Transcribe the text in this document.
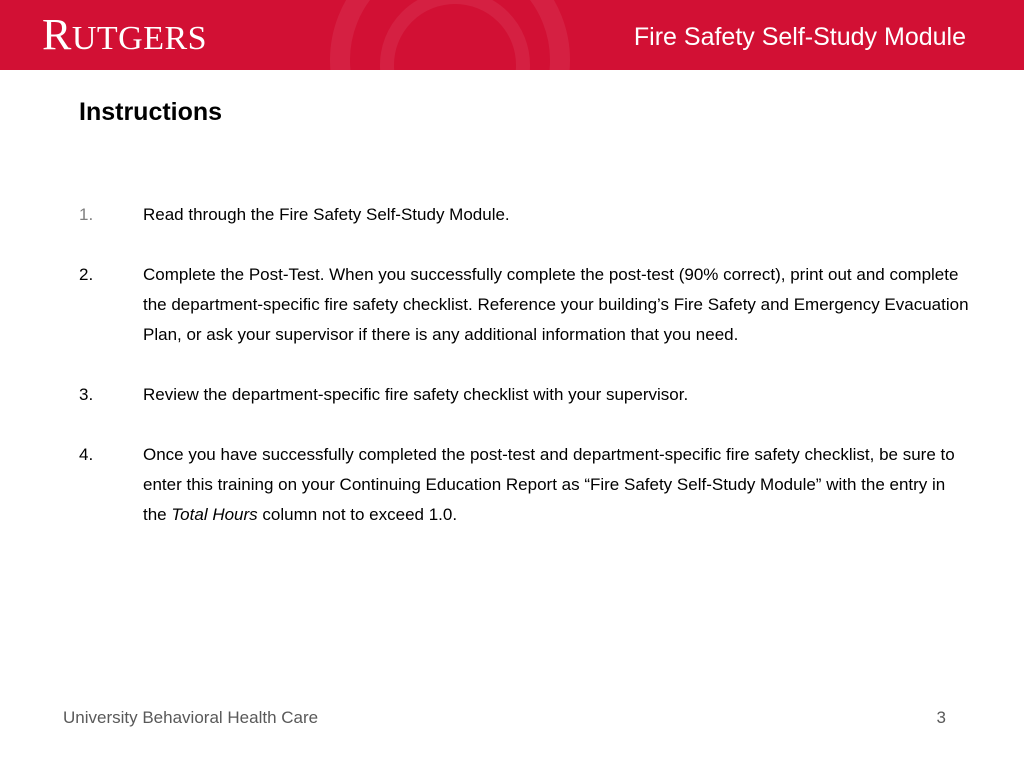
RUTGERS	Fire Safety Self-Study Module
Instructions
1.	Read through the Fire Safety Self-Study Module.
2.	Complete the Post-Test. When you successfully complete the post-test (90% correct), print out and complete the department-specific fire safety checklist. Reference your building’s Fire Safety and Emergency Evacuation Plan, or ask your supervisor if there is any additional information that you need.
3.	Review the department-specific fire safety checklist with your supervisor.
4.	Once you have successfully completed the post-test and department-specific fire safety checklist, be sure to enter this training on your Continuing Education Report as “Fire Safety Self-Study Module” with the entry in the Total Hours column not to exceed 1.0.
University Behavioral Health Care	3
